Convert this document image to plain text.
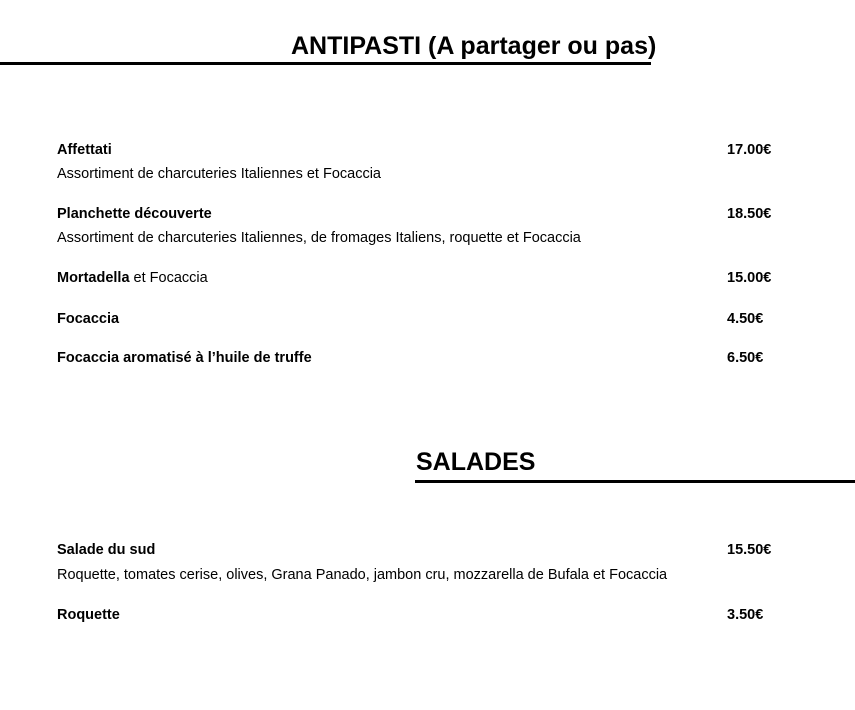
ANTIPASTI (A partager ou pas)
Affettati	17.00€
Assortiment de charcuteries Italiennes et Focaccia
Planchette découverte	18.50€
Assortiment de charcuteries Italiennes, de fromages Italiens, roquette et Focaccia
Mortadella et Focaccia	15.00€
Focaccia	4.50€
Focaccia aromatisé à l’huile de truffe	6.50€
SALADES
Salade du sud	15.50€
Roquette, tomates cerise, olives, Grana Panado, jambon cru, mozzarella de Bufala et Focaccia
Roquette	3.50€
